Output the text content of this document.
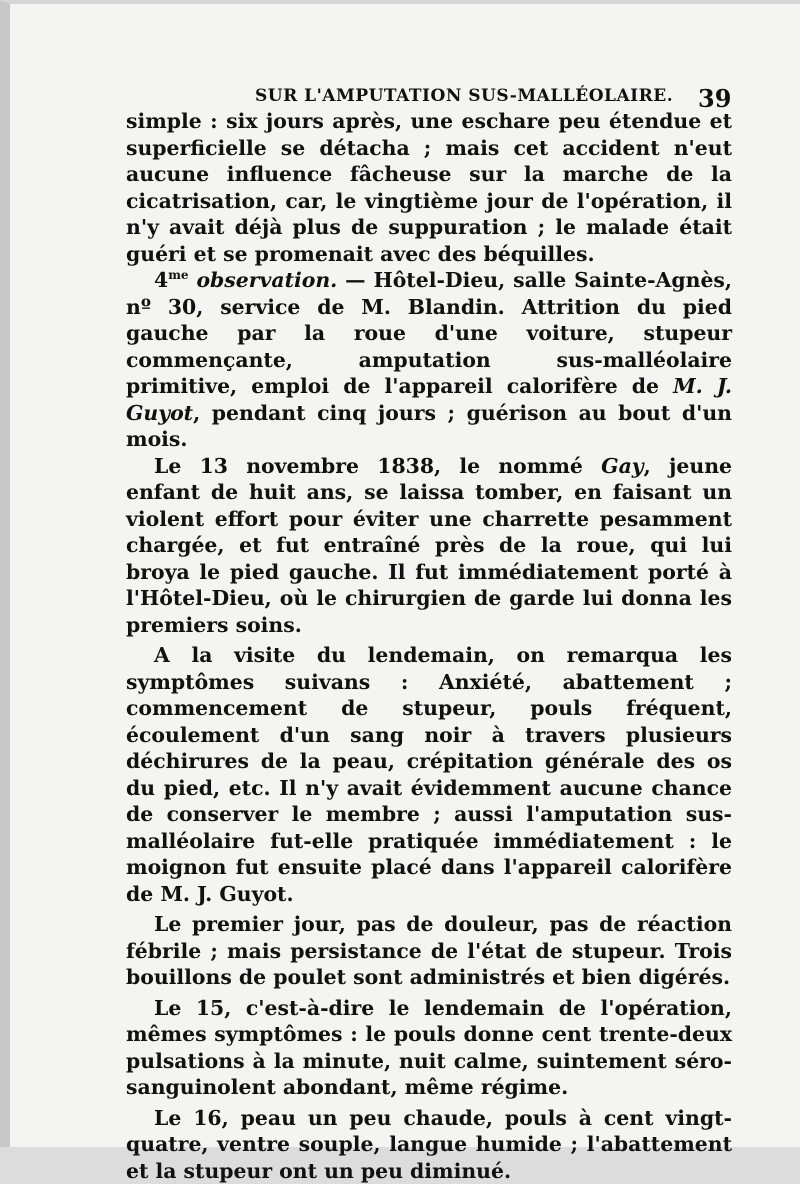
SUR L'AMPUTATION SUS-MALLÉOLAIRE. 39

simple : six jours après, une eschare peu étendue et superficielle se détacha ; mais cet accident n'eut aucune influence fâcheuse sur la marche de la cicatrisation, car, le vingtième jour de l'opération, il n'y avait déjà plus de suppuration ; le malade était guéri et se promenait avec des béquilles.

$4^{me}$ observation. — Hôtel-Dieu, salle Sainte-Agnès, nº 30, service de M. Blandin. Attrition du pied gauche par la roue d'une voiture, stupeur commençante, amputation sus-malléolaire primitive, emploi de l'appareil calorifère de M. J. Guyot, pendant cinq jours ; guérison au bout d'un mois.

Le 13 novembre 1838, le nommé Gay, jeune enfant de huit ans, se laissa tomber, en faisant un violent effort pour éviter une charrette pesamment chargée, et fut entraîné près de la roue, qui lui broya le pied gauche. Il fut immédiatement porté à l'Hôtel-Dieu, où le chirurgien de garde lui donna les premiers soins.

A la visite du lendemain, on remarqua les symptômes suivans : Anxiété, abattement ; commencement de stupeur, pouls fréquent, écoulement d'un sang noir à travers plusieurs déchirures de la peau, crépitation générale des os du pied, etc. Il n'y avait évidemment aucune chance de conserver le membre ; aussi l'amputation sus-malléolaire fut-elle pratiquée immédiatement : le moignon fut ensuite placé dans l'appareil calorifère de M. J. Guyot.

Le premier jour, pas de douleur, pas de réaction fébrile ; mais persistance de l'état de stupeur. Trois bouillons de poulet sont administrés et bien digérés.

Le 15, c'est-à-dire le lendemain de l'opération, mêmes symptômes : le pouls donne cent trente-deux pulsations à la minute, nuit calme, suintement séro-sanguinolent abondant, même régime.

Le 16, peau un peu chaude, pouls à cent vingt-quatre, ventre souple, langue humide ; l'abattement et la stupeur ont un peu diminué.
